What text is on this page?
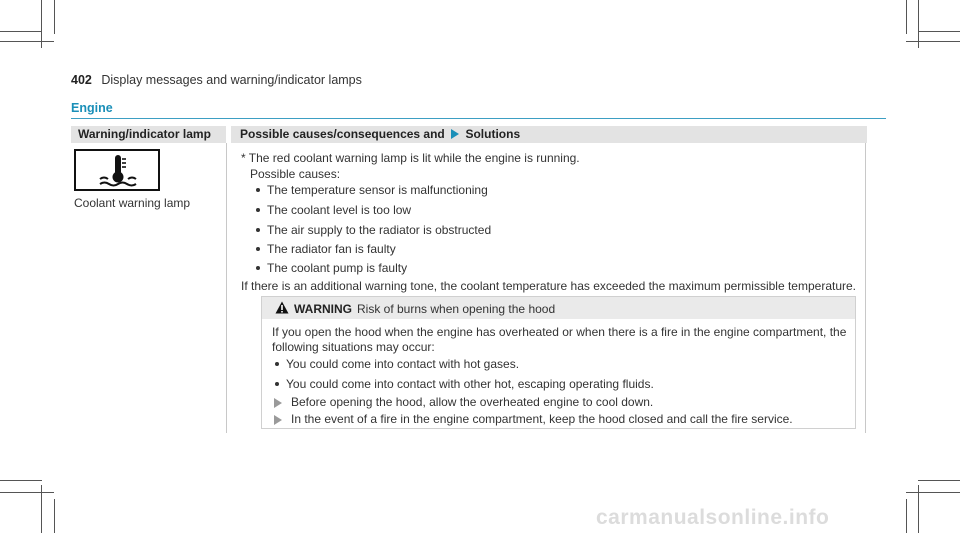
402 Display messages and warning/indicator lamps
Engine
Warning/indicator lamp	Possible causes/consequences and Solutions
Coolant warning lamp
* The red coolant warning lamp is lit while the engine is running.
Possible causes:
The temperature sensor is malfunctioning
The coolant level is too low
The air supply to the radiator is obstructed
The radiator fan is faulty
The coolant pump is faulty
If there is an additional warning tone, the coolant temperature has exceeded the maximum permissible temperature.
WARNING Risk of burns when opening the hood
If you open the hood when the engine has overheated or when there is a fire in the engine compartment, the
following situations may occur:
You could come into contact with hot gases.
You could come into contact with other hot, escaping operating fluids.
Before opening the hood, allow the overheated engine to cool down.
In the event of a fire in the engine compartment, keep the hood closed and call the fire service.
carmanualsonline.info
